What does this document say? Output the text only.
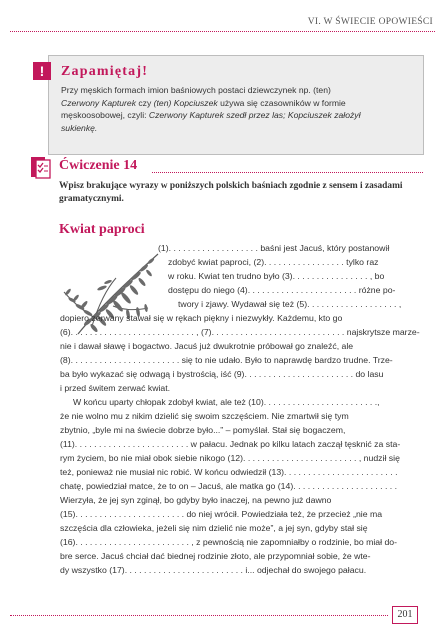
VI. W ŚWIECIE OPOWIEŚCI
Zapamiętaj!
Przy męskich formach imion baśniowych postaci dziewczynek np. (ten)
Czerwony Kapturek czy (ten) Kopciuszek używa się czasowników w formie
męskoosobowej, czyli: Czerwony Kapturek szedł przez las; Kopciuszek założył
sukienkę.
!
Ćwiczenie 14
Wpisz brakujące wyrazy w poniższych polskich baśniach zgodnie z sensem i zasadami gramatycznymi.
Kwiat paproci
(1). . . . . . . . . . . . . . . . . . . baśni jest Jacuś, który postanowił
zdobyć kwiat paproci, (2). . . . . . . . . . . . . . . . . tylko raz
w roku. Kwiat ten trudno było (3). . . . . . . . . . . . . . . . , bo
dostępu do niego (4). . . . . . . . . . . . . . . . . . . . . . . różne po-
twory i zjawy. Wydawał się też (5). . . . . . . . . . . . . . . . . . . ,
dopiero zerwany stawał się w rękach piękny i niezwykły. Każdemu, kto go
(6). . . . . . . . . . . . . . . . . . . . . . . . . . , (7). . . . . . . . . . . . . . . . . . . . . . . . . . . . najskrytsze marze-
nie i dawał sławę i bogactwo. Jacuś już dwukrotnie próbował go znaleźć, ale
(8). . . . . . . . . . . . . . . . . . . . . . . się to nie udało. Było to naprawdę bardzo trudne. Trze-
ba było wykazać się odwagą i bystrością, iść (9). . . . . . . . . . . . . . . . . . . . . . . do lasu
i przed świtem zerwać kwiat.
W końcu uparty chłopak zdobył kwiat, ale też (10). . . . . . . . . . . . . . . . . . . . . . . .,
że nie wolno mu z nikim dzielić się swoim szczęściem. Nie zmartwił się tym
zbytnio, „byle mi na świecie dobrze było...” – pomyślał. Stał się bogaczem,
(11). . . . . . . . . . . . . . . . . . . . . . . . w pałacu. Jednak po kilku latach zaczął tęsknić za sta-
rym życiem, bo nie miał obok siebie nikogo (12). . . . . . . . . . . . . . . . . . . . . . . . , nudził się
też, ponieważ nie musiał nic robić. W końcu odwiedził (13). . . . . . . . . . . . . . . . . . . . . . . .
chatę, powiedział matce, że to on – Jacuś, ale matka go (14). . . . . . . . . . . . . . . . . . . . . .
Wierzyła, że jej syn zginął, bo gdyby było inaczej, na pewno już dawno
(15). . . . . . . . . . . . . . . . . . . . . . . do niej wrócił. Powiedziała też, że przecież „nie ma
szczęścia dla człowieka, jeżeli się nim dzielić nie może”, a jej syn, gdyby stał się
(16). . . . . . . . . . . . . . . . . . . . . . . . , z pewnością nie zapomniałby o rodzinie, bo miał do-
bre serce. Jacuś chciał dać biednej rodzinie złoto, ale przypomniał sobie, że wte-
dy wszystko (17). . . . . . . . . . . . . . . . . . . . . . . . . i... odjechał do swojego pałacu.
201
